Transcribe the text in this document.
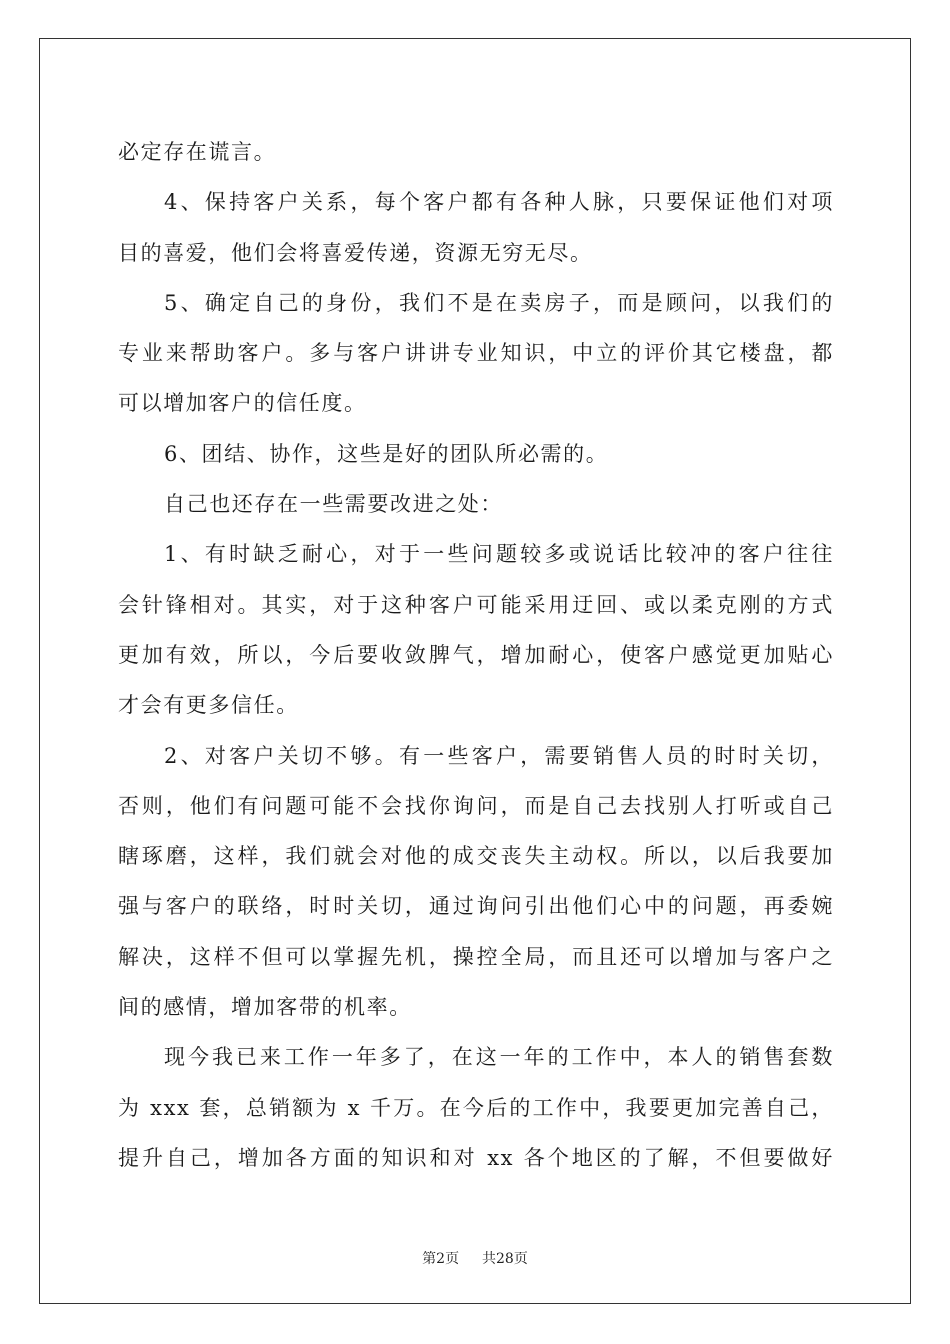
必定存在谎言。
4、保持客户关系，每个客户都有各种人脉，只要保证他们对项
目的喜爱，他们会将喜爱传递，资源无穷无尽。
5、确定自己的身份，我们不是在卖房子，而是顾问，以我们的
专业来帮助客户。多与客户讲讲专业知识，中立的评价其它楼盘，都
可以增加客户的信任度。
6、团结、协作，这些是好的团队所必需的。
自己也还存在一些需要改进之处：
1、有时缺乏耐心，对于一些问题较多或说话比较冲的客户往往
会针锋相对。其实，对于这种客户可能采用迂回、或以柔克刚的方式
更加有效，所以，今后要收敛脾气，增加耐心，使客户感觉更加贴心
才会有更多信任。
2、对客户关切不够。有一些客户，需要销售人员的时时关切，
否则，他们有问题可能不会找你询问，而是自己去找别人打听或自己
瞎琢磨，这样，我们就会对他的成交丧失主动权。所以，以后我要加
强与客户的联络，时时关切，通过询问引出他们心中的问题，再委婉
解决，这样不但可以掌握先机，操控全局，而且还可以增加与客户之
间的感情，增加客带的机率。
现今我已来工作一年多了，在这一年的工作中，本人的销售套数
为 xxx 套，总销额为 x 千万。在今后的工作中，我要更加完善自己，
提升自己，增加各方面的知识和对 xx 各个地区的了解，不但要做好
第2页 共28页
